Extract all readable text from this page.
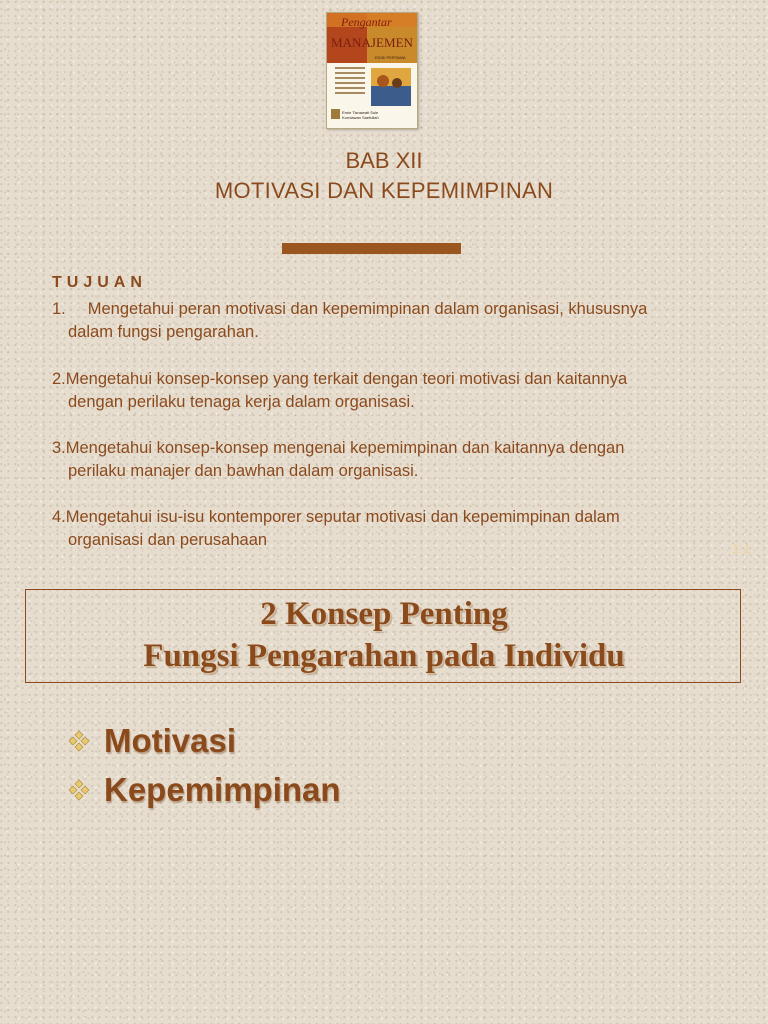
Pengantar
MANAJEMEN
EDISI PERTAMA
Ernie Tisnawati Sule
Kurniawan Saefullah
BAB XII
MOTIVASI DAN KEPEMIMPINAN
TUJUAN
1. Mengetahui peran motivasi dan kepemimpinan dalam organisasi, khususnya
dalam fungsi pengarahan.
2.Mengetahui konsep-konsep yang terkait dengan teori motivasi dan kaitannya
dengan perilaku tenaga kerja dalam organisasi.
3.Mengetahui konsep-konsep mengenai kepemimpinan dan kaitannya dengan
perilaku manajer dan bawhan dalam organisasi.
4.Mengetahui isu-isu kontemporer seputar motivasi dan kepemimpinan dalam
organisasi dan perusahaan	1-1
2 Konsep Penting
Fungsi Pengarahan pada Individu
Motivasi
Kepemimpinan
